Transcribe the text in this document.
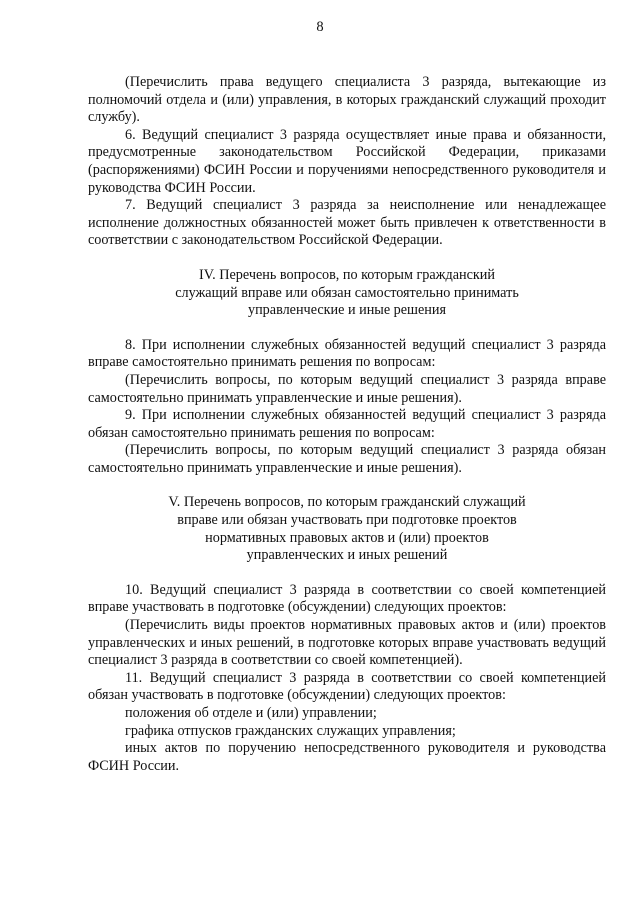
8

(Перечислить права ведущего специалиста 3 разряда, вытекающие из полномочий отдела и (или) управления, в которых гражданский служащий проходит службу).

6. Ведущий специалист 3 разряда осуществляет иные права и обязанности, предусмотренные законодательством Российской Федерации, приказами (распоряжениями) ФСИН России и поручениями непосредственного руководителя и руководства ФСИН России.

7. Ведущий специалист 3 разряда за неисполнение или ненадлежащее исполнение должностных обязанностей может быть привлечен к ответственности в соответствии с законодательством Российской Федерации.

IV. Перечень вопросов, по которым гражданский

служащий вправе или обязан самостоятельно принимать

управленческие и иные решения

8. При исполнении служебных обязанностей ведущий специалист 3 разряда вправе самостоятельно принимать решения по вопросам:

(Перечислить вопросы, по которым ведущий специалист 3 разряда вправе самостоятельно принимать управленческие и иные решения).

9. При исполнении служебных обязанностей ведущий специалист 3 разряда обязан самостоятельно принимать решения по вопросам:

(Перечислить вопросы, по которым ведущий специалист 3 разряда обязан самостоятельно принимать управленческие и иные решения).

V. Перечень вопросов, по которым гражданский служащий

вправе или обязан участвовать при подготовке проектов

нормативных правовых актов и (или) проектов

управленческих и иных решений

10. Ведущий специалист 3 разряда в соответствии со своей компетенцией вправе участвовать в подготовке (обсуждении) следующих проектов:

(Перечислить виды проектов нормативных правовых актов и (или) проектов управленческих и иных решений, в подготовке которых вправе участвовать ведущий специалист 3 разряда в соответствии со своей компетенцией).

11. Ведущий специалист 3 разряда в соответствии со своей компетенцией обязан участвовать в подготовке (обсуждении) следующих проектов:

положения об отделе и (или) управлении;

графика отпусков гражданских служащих управления;

иных актов по поручению непосредственного руководителя и руководства ФСИН России.
